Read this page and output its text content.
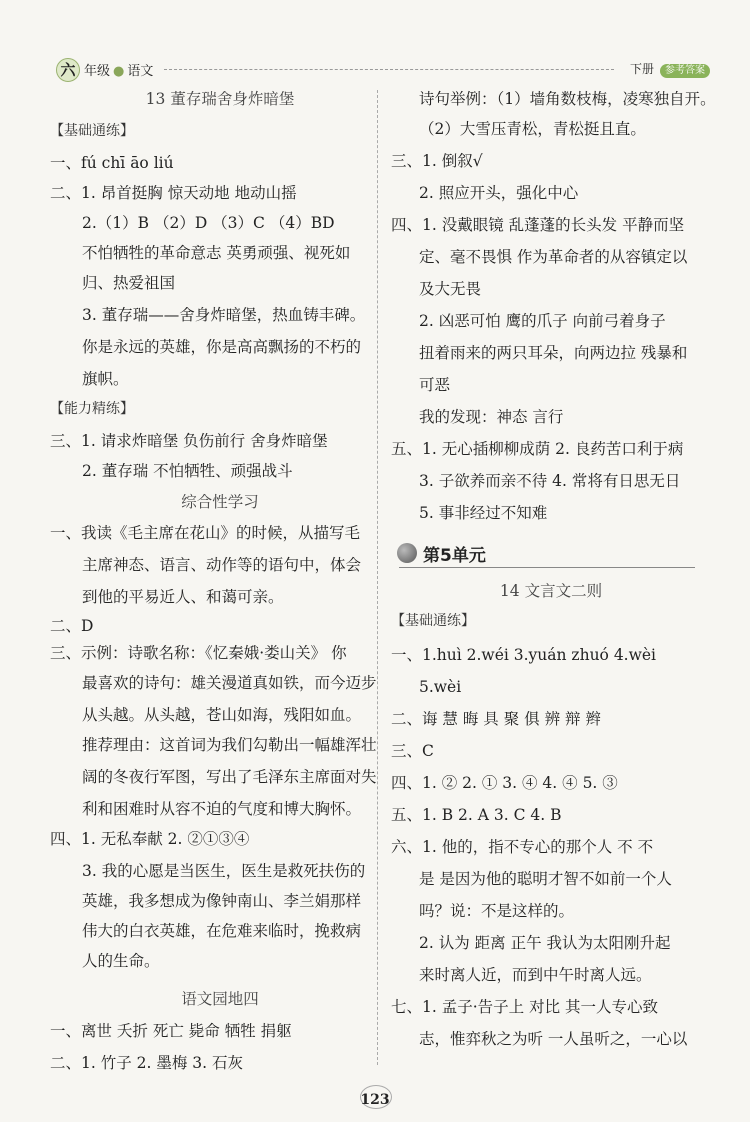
六 年级 ● 语文	下册 参考答案
13 董存瑞舍身炸暗堡
【基础通练】
一、fú chī āo liú
二、1. 昂首挺胸 惊天动地 地动山摇
2.（1）B （2）D （3）C （4）BD
不怕牺牲的革命意志 英勇顽强、视死如
归、热爱祖国
3. 董存瑞——舍身炸暗堡，热血铸丰碑。
你是永远的英雄，你是高高飘扬的不朽的
旗帜。
【能力精练】
三、1. 请求炸暗堡 负伤前行 舍身炸暗堡
2. 董存瑞 不怕牺牲、顽强战斗
综合性学习
一、我读《毛主席在花山》的时候，从描写毛
主席神态、语言、动作等的语句中，体会
到他的平易近人、和蔼可亲。
二、D
三、示例：诗歌名称：《忆秦娥·娄山关》 你
最喜欢的诗句：雄关漫道真如铁，而今迈步
从头越。从头越，苍山如海，残阳如血。
推荐理由：这首词为我们勾勒出一幅雄浑壮
阔的冬夜行军图，写出了毛泽东主席面对失
利和困难时从容不迫的气度和博大胸怀。
四、1. 无私奉献 2. ②①③④
3. 我的心愿是当医生，医生是救死扶伤的
英雄，我多想成为像钟南山、李兰娟那样
伟大的白衣英雄，在危难来临时，挽救病
人的生命。
语文园地四
一、离世 夭折 死亡 毙命 牺牲 捐躯
二、1. 竹子 2. 墨梅 3. 石灰
诗句举例：（1）墙角数枝梅，凌寒独自开。
（2）大雪压青松，青松挺且直。
三、1. 倒叙√
2. 照应开头，强化中心
四、1. 没戴眼镜 乱蓬蓬的长头发 平静而坚
定、毫不畏惧 作为革命者的从容镇定以
及大无畏
2. 凶恶可怕 鹰的爪子 向前弓着身子
扭着雨来的两只耳朵，向两边拉 残暴和
可恶
我的发现：神态 言行
五、1. 无心插柳柳成荫 2. 良药苦口利于病
3. 子欲养而亲不待 4. 常将有日思无日
5. 事非经过不知难
第5单元
14 文言文二则
【基础通练】
一、1.huì 2.wéi 3.yuán zhuó 4.wèi
5.wèi
二、诲 慧 晦 具 聚 俱 辨 辩 辫
三、C
四、1. ② 2. ① 3. ④ 4. ④ 5. ③
五、1. B 2. A 3. C 4. B
六、1. 他的，指不专心的那个人 不 不
是 是因为他的聪明才智不如前一个人
吗？说：不是这样的。
2. 认为 距离 正午 我认为太阳刚升起
来时离人近，而到中午时离人远。
七、1. 孟子·告子上 对比 其一人专心致
志，惟弈秋之为听 一人虽听之，一心以
123
